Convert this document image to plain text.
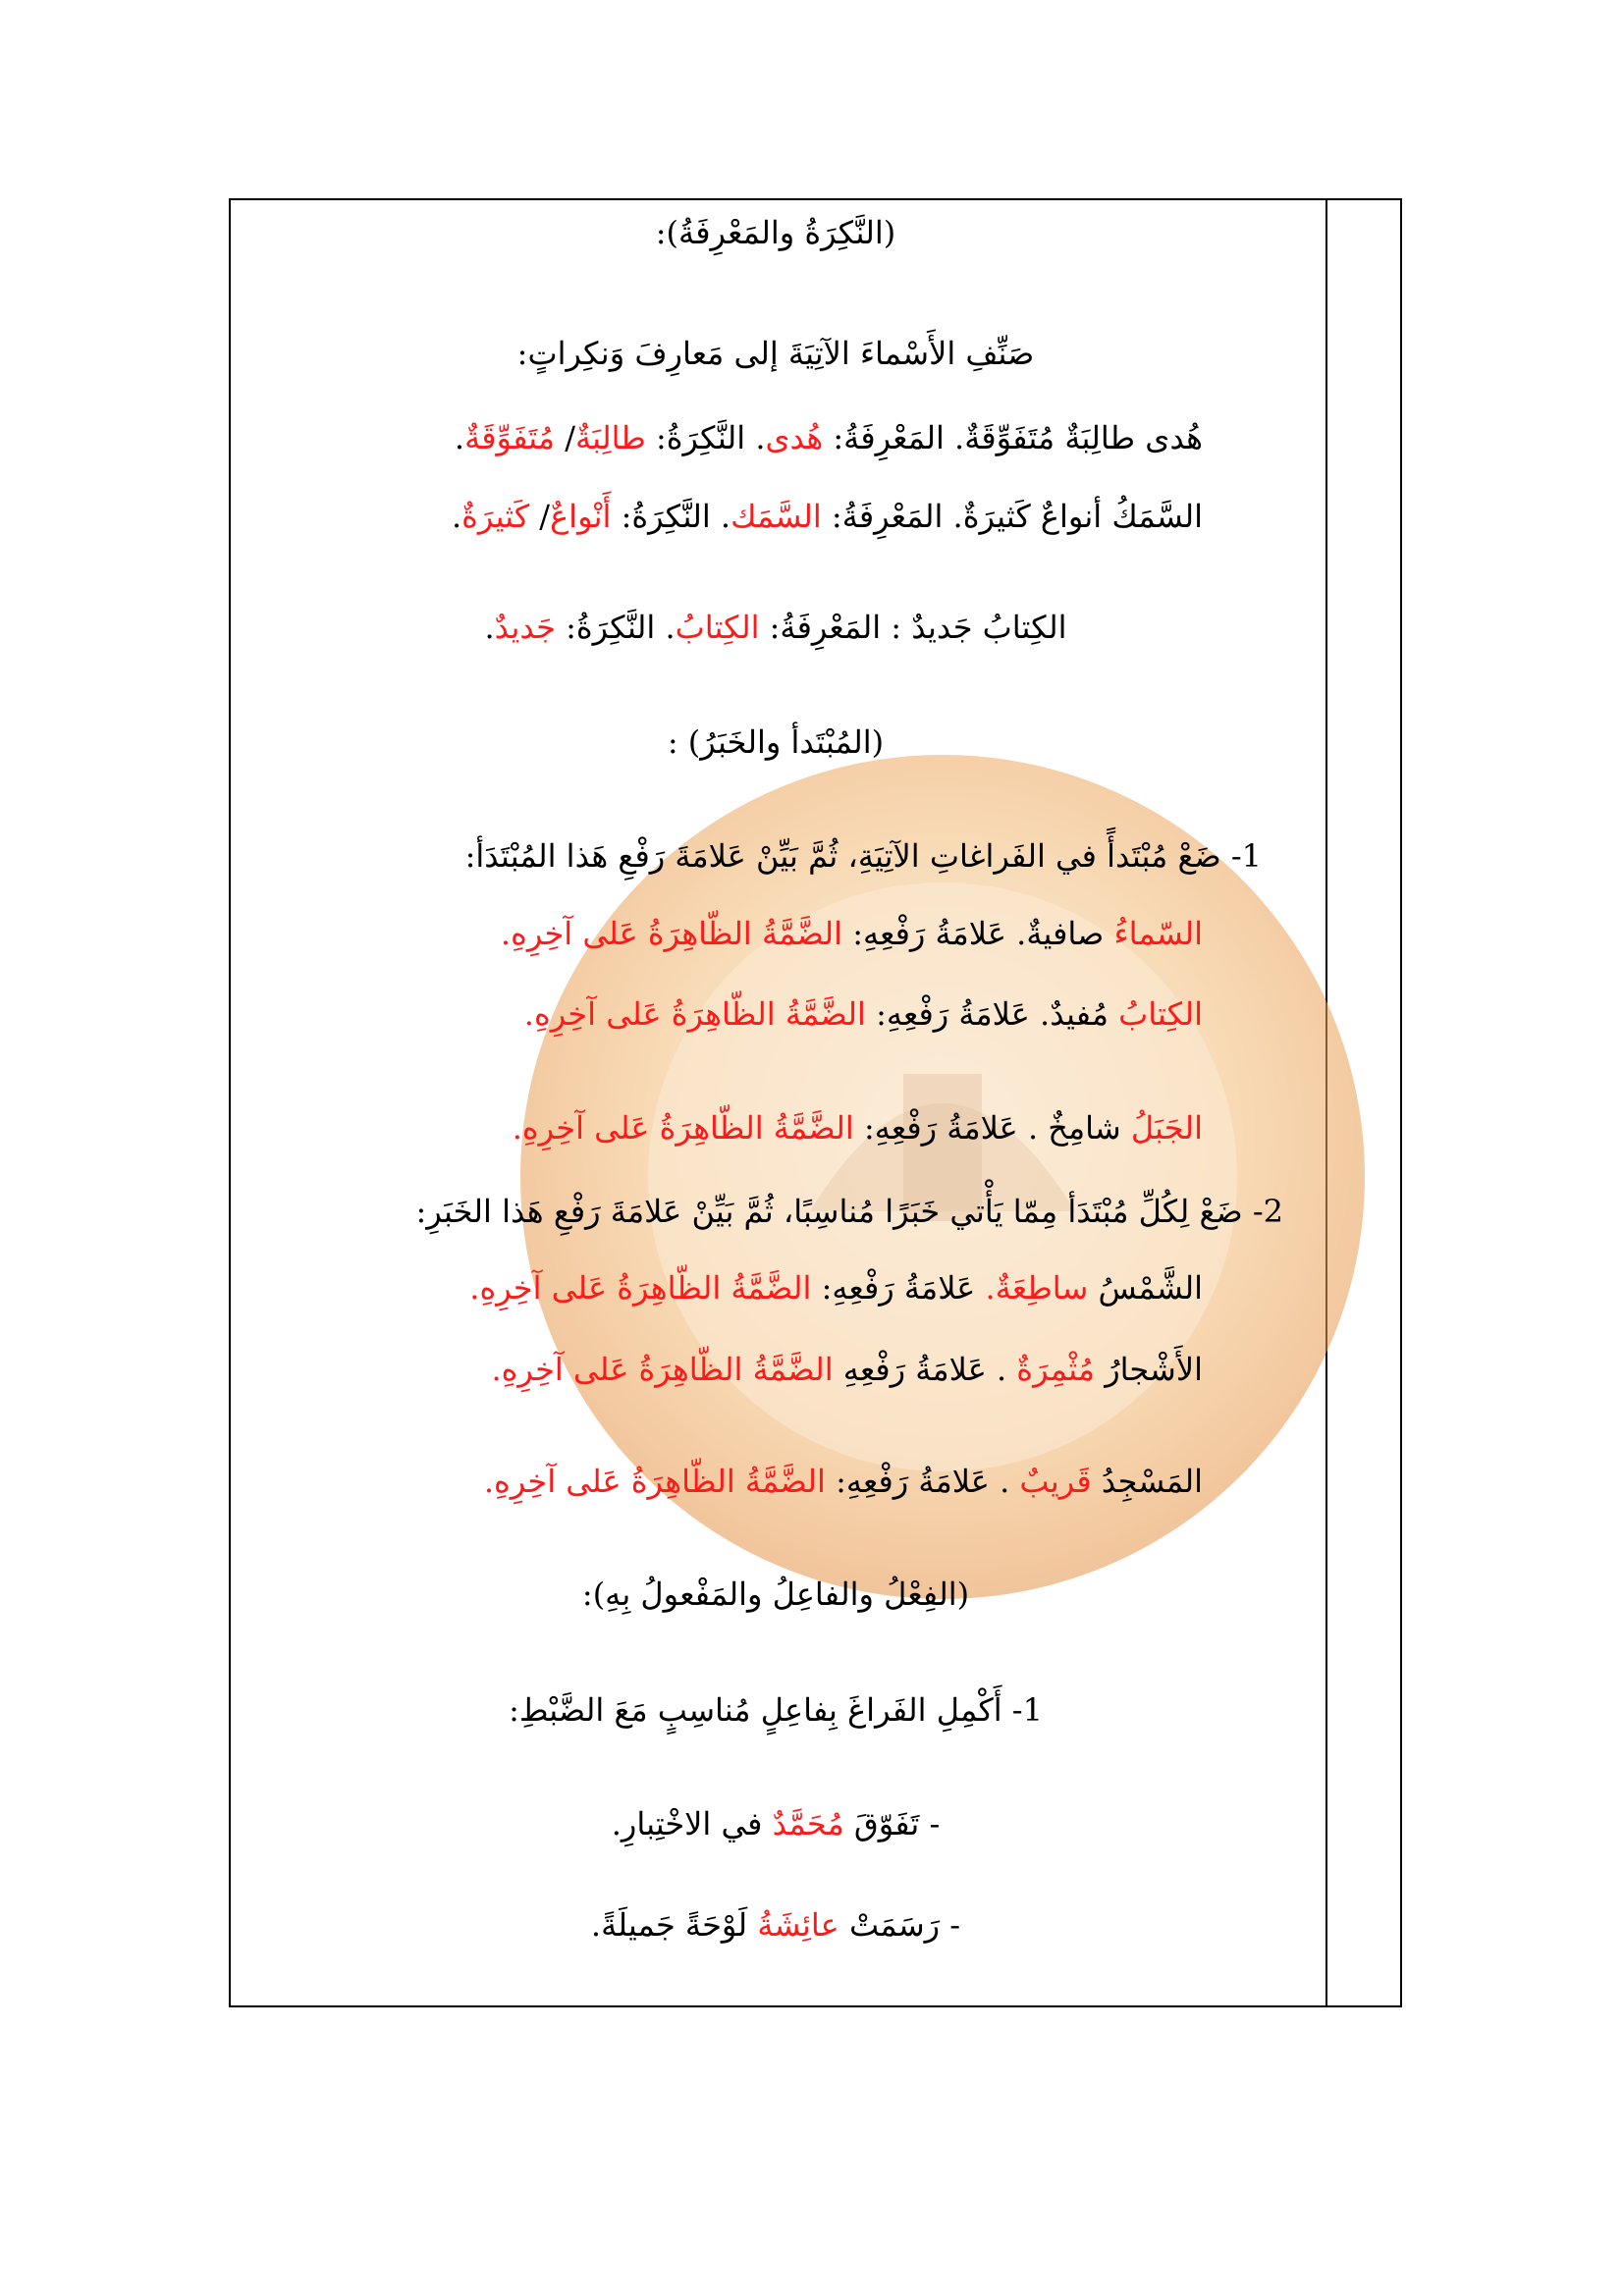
(النَّكِرَةُ والمَعْرِفَةُ):
صَنِّفِ الأَسْماءَ الآتِيَةَ إلى مَعارِفَ وَنكِراتٍ:
هُدى طالِبَةٌ مُتَفَوِّقَةٌ. المَعْرِفَةُ: هُدى. النَّكِرَةُ: طالِبَةٌ/ مُتَفَوِّقَةٌ.
السَّمَكُ أنواعٌ كَثيرَةٌ. المَعْرِفَةُ: السَّمَك. النَّكِرَةُ: أَنْواعٌ/ كَثيرَةٌ.
الكِتابُ جَديدٌ : المَعْرِفَةُ: الكِتابُ. النَّكِرَةُ: جَديدٌ.
(المُبْتَدأ والخَبَرُ) :
1- ضَعْ مُبْتَدأً في الفَراغاتِ الآتِيَةِ، ثُمَّ بَيِّنْ عَلامَةَ رَفْعِ هَذا المُبْتَدَأ:
السّماءُ صافيةٌ. عَلامَةُ رَفْعِهِ: الضَّمَّةُ الظّاهِرَةُ عَلى آخِرِهِ.
الكِتابُ مُفيدٌ. عَلامَةُ رَفْعِهِ: الضَّمَّةُ الظّاهِرَةُ عَلى آخِرِهِ.
الجَبَلُ شامِخٌ . عَلامَةُ رَفْعِهِ: الضَّمَّةُ الظّاهِرَةُ عَلى آخِرِهِ.
2- ضَعْ لِكُلِّ مُبْتَدَأ مِمّا يَأْتي خَبَرًا مُناسِبًا، ثُمَّ بَيِّنْ عَلامَةَ رَفْعِ هَذا الخَبَرِ:
الشَّمْسُ ساطِعَةٌ. عَلامَةُ رَفْعِهِ: الضَّمَّةُ الظّاهِرَةُ عَلى آخِرِهِ.
الأَشْجارُ مُثْمِرَةٌ . عَلامَةُ رَفْعِهِ الضَّمَّةُ الظّاهِرَةُ عَلى آخِرِهِ.
المَسْجِدُ قَريبٌ . عَلامَةُ رَفْعِهِ: الضَّمَّةُ الظّاهِرَةُ عَلى آخِرِهِ.
(الفِعْلُ والفاعِلُ والمَفْعولُ بِهِ):
1- أَكْمِلِ الفَراغَ بِفاعِلٍ مُناسِبٍ مَعَ الضَّبْطِ:
- تَفَوّقَ مُحَمَّدٌ في الاخْتِبارِ.
- رَسَمَتْ عائِشَةُ لَوْحَةً جَميلَةً.
